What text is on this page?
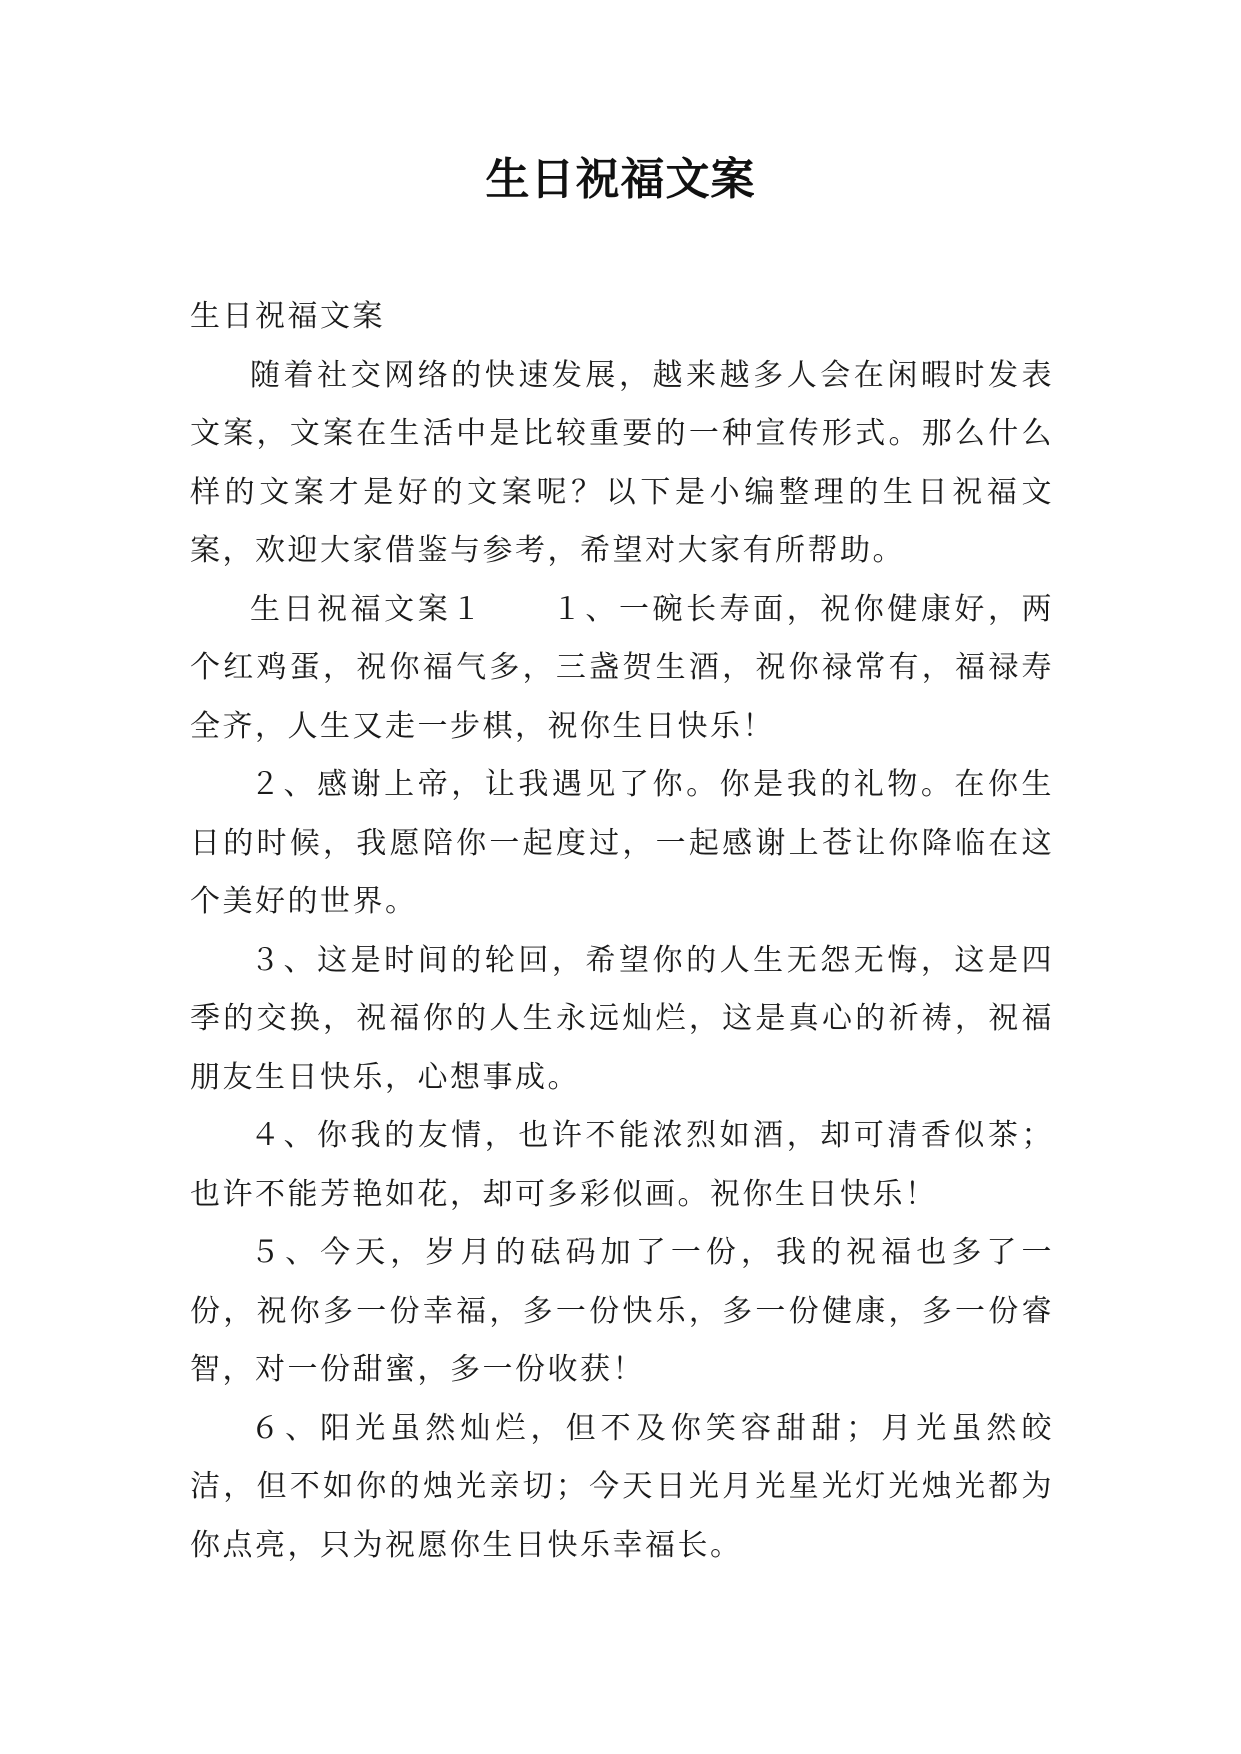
生日祝福文案

生日祝福文案

随着社交网络的快速发展，越来越多人会在闲暇时发表文案，文案在生活中是比较重要的一种宣传形式。那么什么样的文案才是好的文案呢？以下是小编整理的生日祝福文案，欢迎大家借鉴与参考，希望对大家有所帮助。

生日祝福文案１　　１、一碗长寿面，祝你健康好，两个红鸡蛋，祝你福气多，三盏贺生酒，祝你禄常有，福禄寿全齐，人生又走一步棋，祝你生日快乐！

２、感谢上帝，让我遇见了你。你是我的礼物。在你生日的时候，我愿陪你一起度过，一起感谢上苍让你降临在这个美好的世界。

３、这是时间的轮回，希望你的人生无怨无悔，这是四季的交换，祝福你的人生永远灿烂，这是真心的祈祷，祝福朋友生日快乐，心想事成。

４、你我的友情，也许不能浓烈如酒，却可清香似茶；也许不能芳艳如花，却可多彩似画。祝你生日快乐！

５、今天，岁月的砝码加了一份，我的祝福也多了一份，祝你多一份幸福，多一份快乐，多一份健康，多一份睿智，对一份甜蜜，多一份收获！

６、阳光虽然灿烂，但不及你笑容甜甜；月光虽然皎洁，但不如你的烛光亲切；今天日光月光星光灯光烛光都为你点亮，只为祝愿你生日快乐幸福长。
